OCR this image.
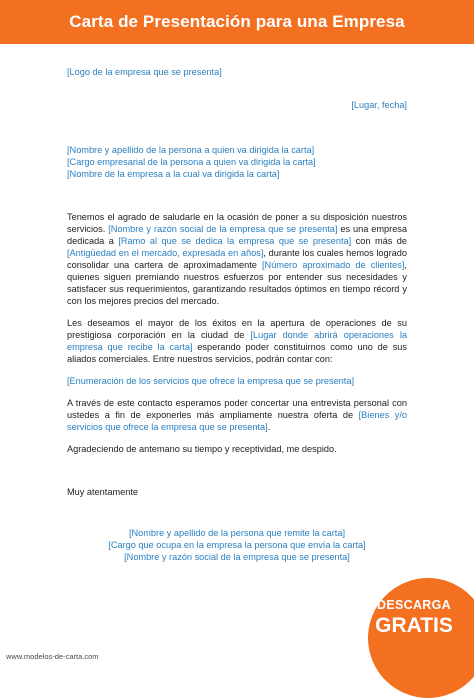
Carta de Presentación para una Empresa
[Logo de la empresa que se presenta]
[Lugar, fecha]
[Nombre y apellido de la persona a quien va dirigida la carta]
[Cargo empresarial de la persona a quien va dirigida la carta]
[Nombre de la empresa a la cual va dirigida la carta]

Tenemos el agrado de saludarle en la ocasión de poner a su disposición nuestros servicios. [Nombre y razón social de la empresa que se presenta] es una empresa dedicada a [Ramo al que se dedica la empresa que se presenta] con más de [Antigüedad en el mercado, expresada en años], durante los cuales hemos logrado consolidar una cartera de aproximadamente [Número aproximado de clientes], quienes siguen premiando nuestros esfuerzos por entender sus necesidades y satisfacer sus requerimientos, garantizando resultados óptimos en tiempo récord y con los mejores precios del mercado.

Les deseamos el mayor de los éxitos en la apertura de operaciones de su prestigiosa corporación en la ciudad de [Lugar donde abrirá operaciones la empresa que recibe la carta] esperando poder constituirnos como uno de sus aliados comerciales. Entre nuestros servicios, podrán contar con:

[Enumeración de los servicios que ofrece la empresa que se presenta]

A través de este contacto esperamos poder concertar una entrevista personal con ustedes a fin de exponerles más ampliamente nuestra oferta de [Bienes y/o servicios que ofrece la empresa que se presenta].

Agradeciendo de antemano su tiempo y receptividad, me despido.

Muy atentamente
[Nombre y apellido de la persona que remite la carta]
[Cargo que ocupa en la empresa la persona que envía la carta]
[Nombre y razón social de la empresa que se presenta]
www.modelos-de-carta.com
DESCARGA
GRATIS
